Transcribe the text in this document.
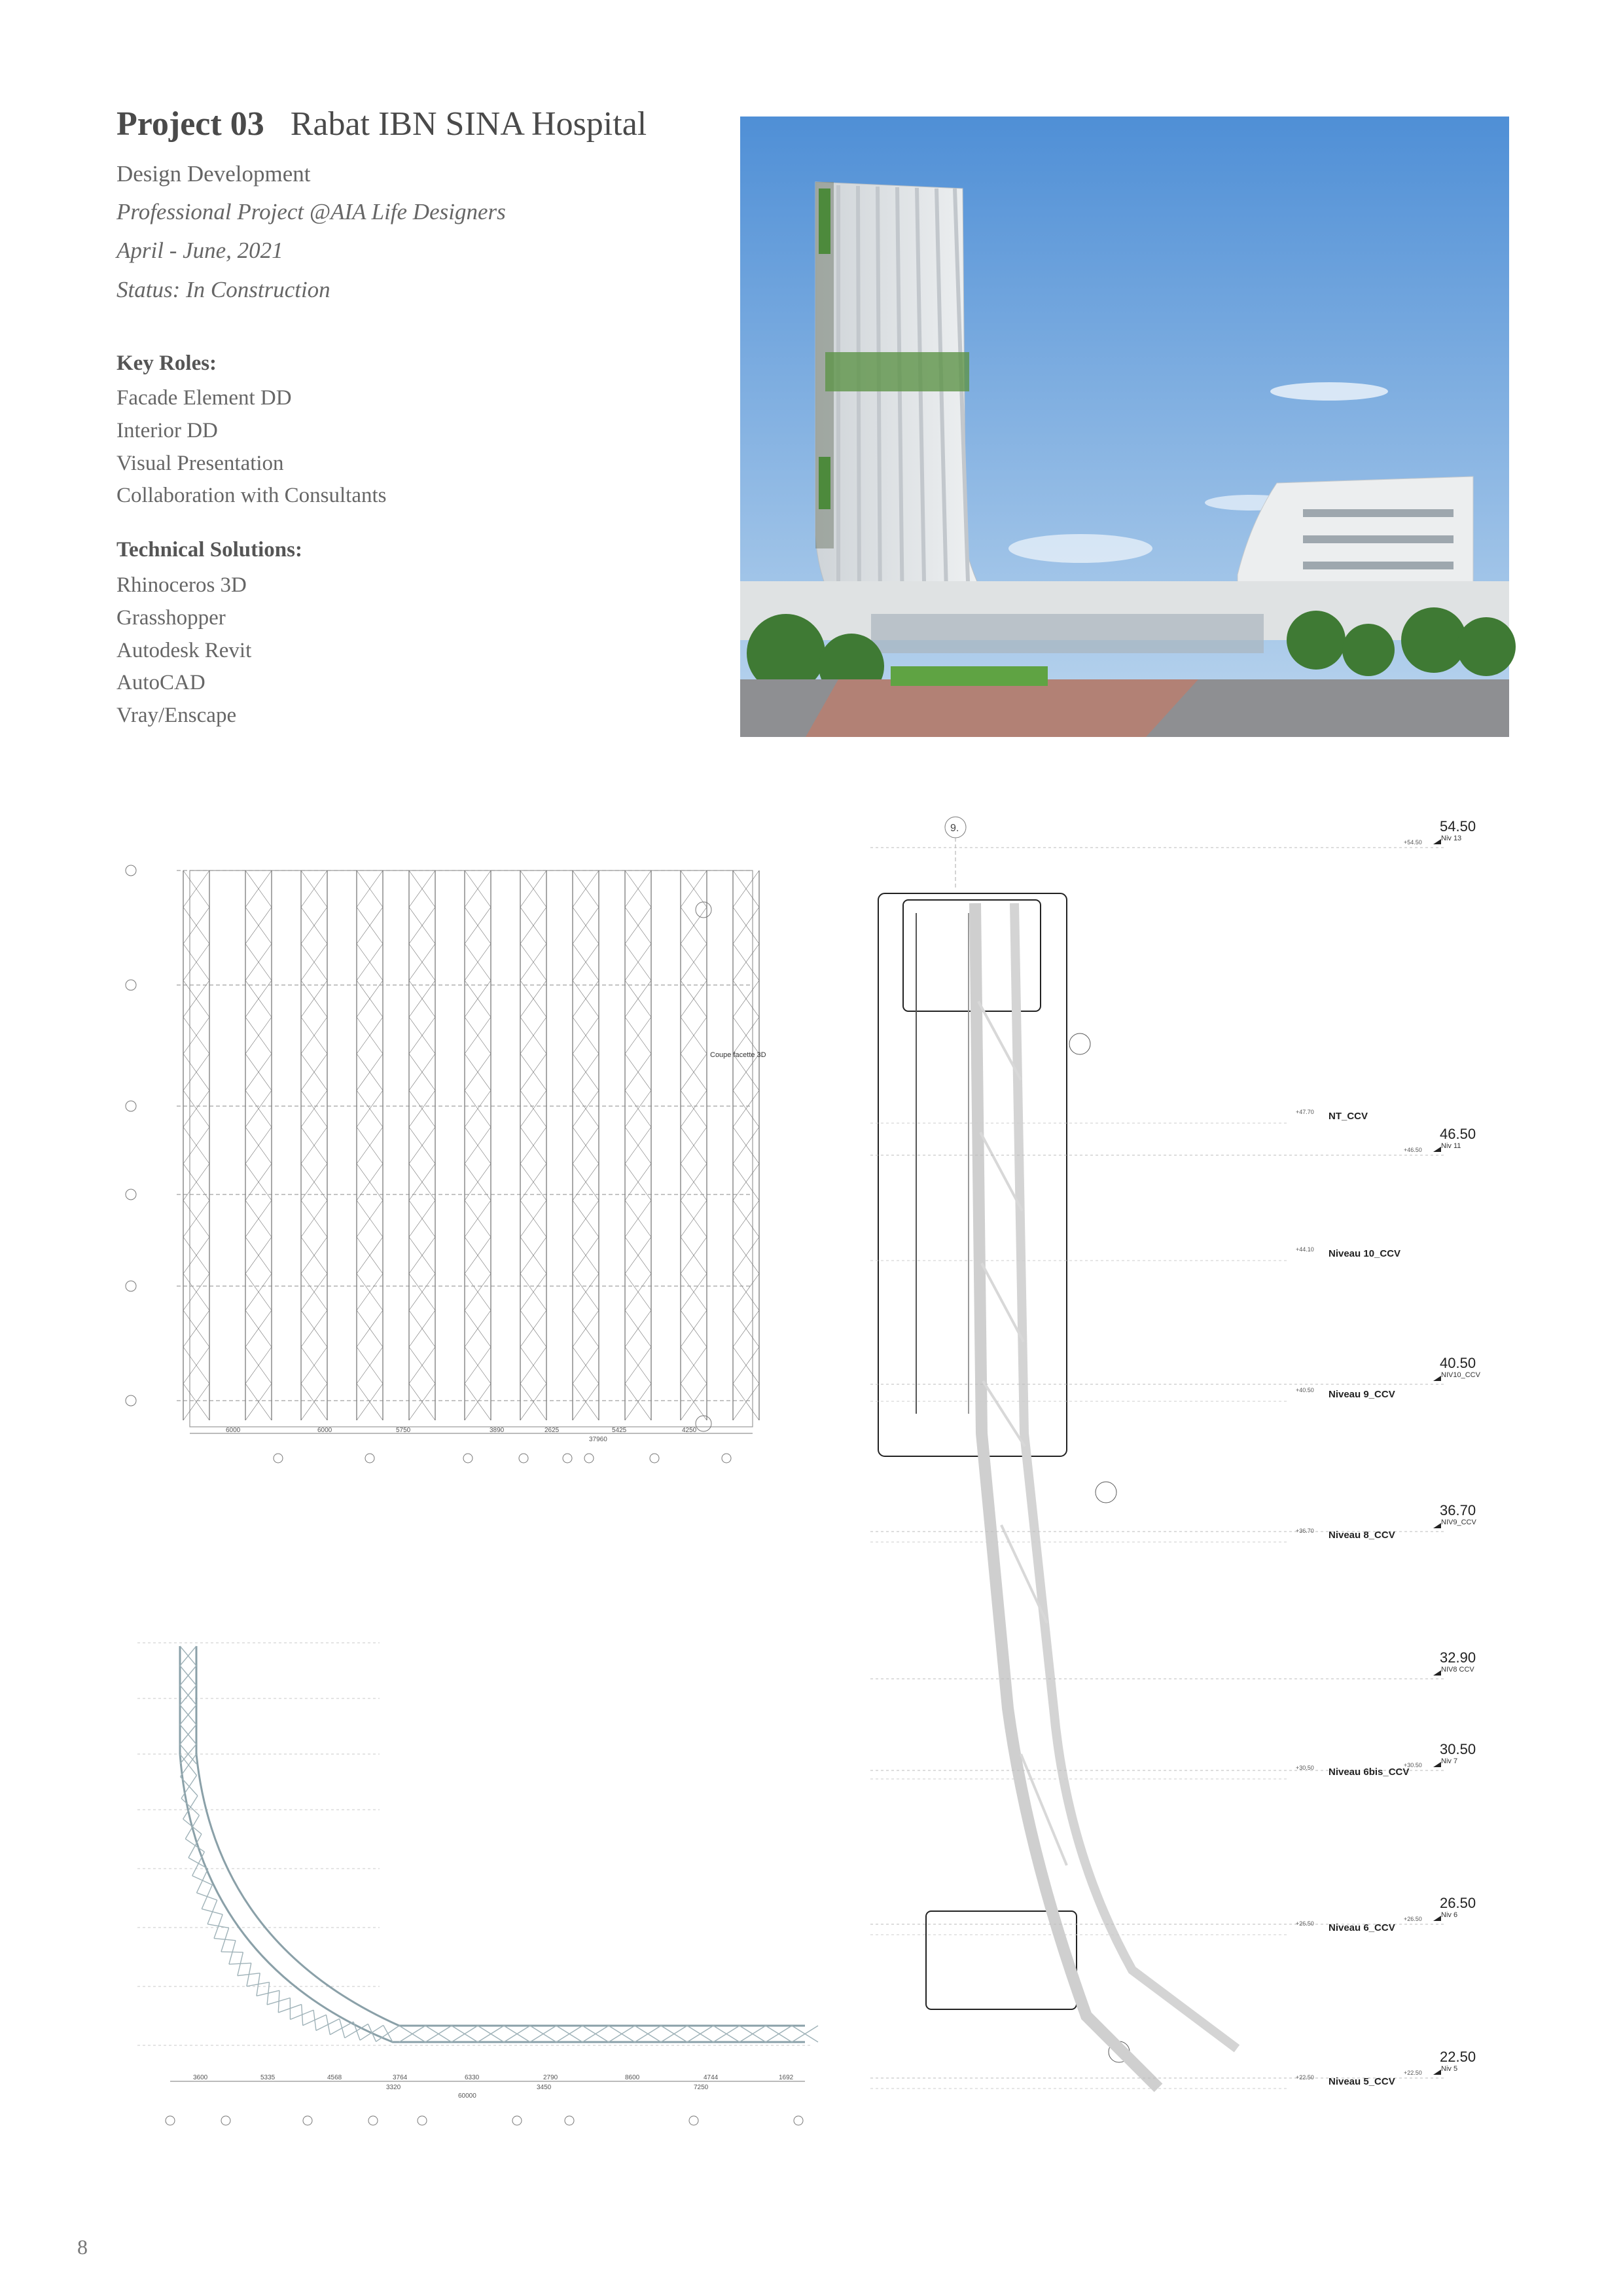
Project 03 Rabat IBN SINA Hospital
Design Development
Professional Project @AIA Life Designers
April - June, 2021
Status: In Construction
Key Roles:
Facade Element DD
Interior DD
Visual Presentation
Collaboration with Consultants
Technical Solutions:
Rhinoceros 3D
Grasshopper
Autodesk Revit
AutoCAD
Vray/Enscape
Coupe facette 3D
6000	6000	5750	3890	2625	5425	4250
37960
3600	5335	4568	3764
3320
6330	2790
3450
8600	4744
7250
1692
60000
9.	54.50
Niv 13
+54.50
46.50
Niv 11
+46.50
40.50
NIV10_CCV
36.70
NIV9_CCV
32.90
NIV8 CCV
30.50
Niv 7
+30.50
26.50
Niv 6
+26.50
22.50
Niv 5
+22.50
+47.70 NT_CCV
+44.10 Niveau 10_CCV
+40.50 Niveau 9_CCV
+36.70 Niveau 8_CCV
+30.50 Niveau 6bis_CCV
+26.50 Niveau 6_CCV
+22.50 Niveau 5_CCV
8
